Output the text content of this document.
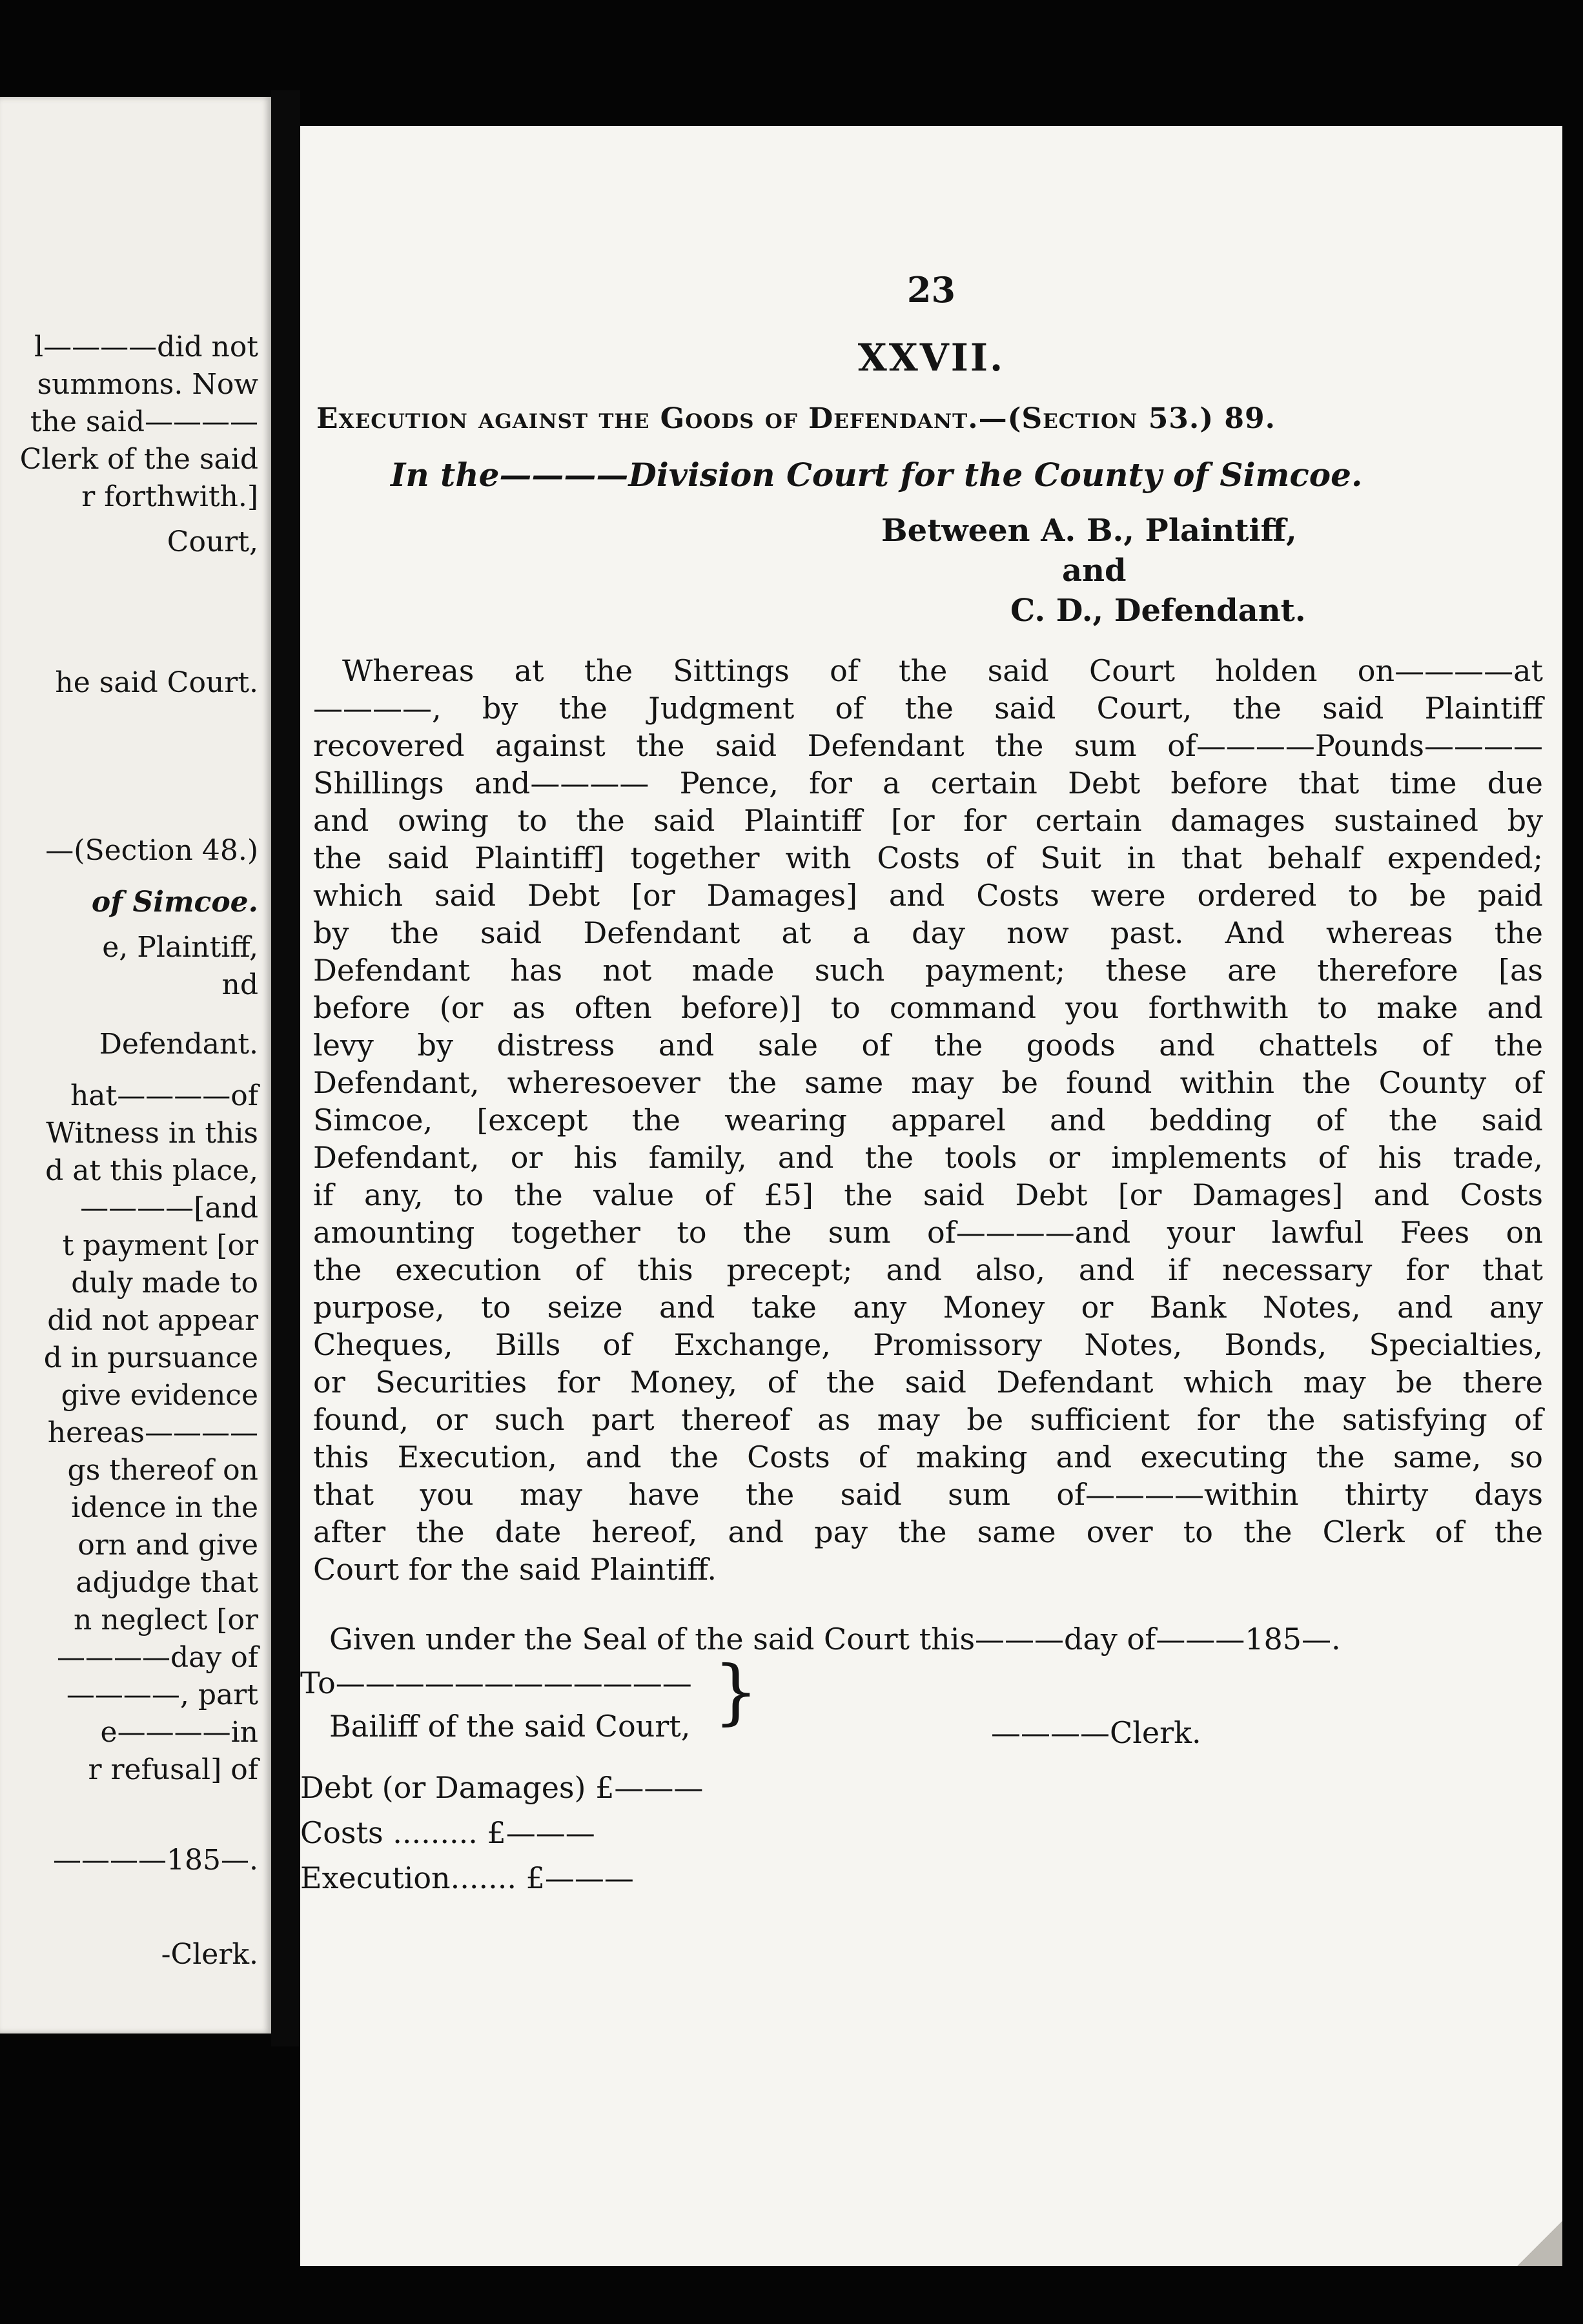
l————did not
summons. Now
the said————
Clerk of the said
r forthwith.]
Court,
he said Court.
—(Section 48.)
of Simcoe.
e, Plaintiff,
nd
Defendant.
hat————of
Witness in this
d at this place,
————[and
t payment [or
duly made to
did not appear
d in pursuance
give evidence
hereas————
gs thereof on
idence in the
orn and give
adjudge that
n neglect [or
————day of
————, part
e————in
r refusal] of
————185—.
-Clerk.
23
XXVII.
Execution against the Goods of Defendant.—(Section 53.) 89.
In the————Division Court for the County of Simcoe.
Between A. B., Plaintiff,
and
C. D., Defendant.
Whereas at the Sittings of the said Court holden on————at
————, by the Judgment of the said Court, the said Plaintiff
recovered against the said Defendant the sum of————Pounds————
Shillings and———— Pence, for a certain Debt before that time due
and owing to the said Plaintiff [or for certain damages sustained by
the said Plaintiff] together with Costs of Suit in that behalf expended;
which said Debt [or Damages] and Costs were ordered to be paid
by the said Defendant at a day now past. And whereas the
Defendant has not made such payment; these are therefore [as
before (or as often before)] to command you forthwith to make and
levy by distress and sale of the goods and chattels of the
Defendant, wheresoever the same may be found within the County of
Simcoe, [except the wearing apparel and bedding of the said
Defendant, or his family, and the tools or implements of his trade,
if any, to the value of £5] the said Debt [or Damages] and Costs
amounting together to the sum of————and your lawful Fees on
the execution of this precept; and also, and if necessary for that
purpose, to seize and take any Money or Bank Notes, and any
Cheques, Bills of Exchange, Promissory Notes, Bonds, Specialties,
or Securities for Money, of the said Defendant which may be there
found, or such part thereof as may be sufficient for the satisfying of
this Execution, and the Costs of making and executing the same, so
that you may have the said sum of————within thirty days
after the date hereof, and pay the same over to the Clerk of the
Court for the said Plaintiff.
Given under the Seal of the said Court this———day of———185—.
To———————————— }
Bailiff of the said Court,	————Clerk.
Debt (or Damages) £———
Costs ......... £———
Execution....... £———
